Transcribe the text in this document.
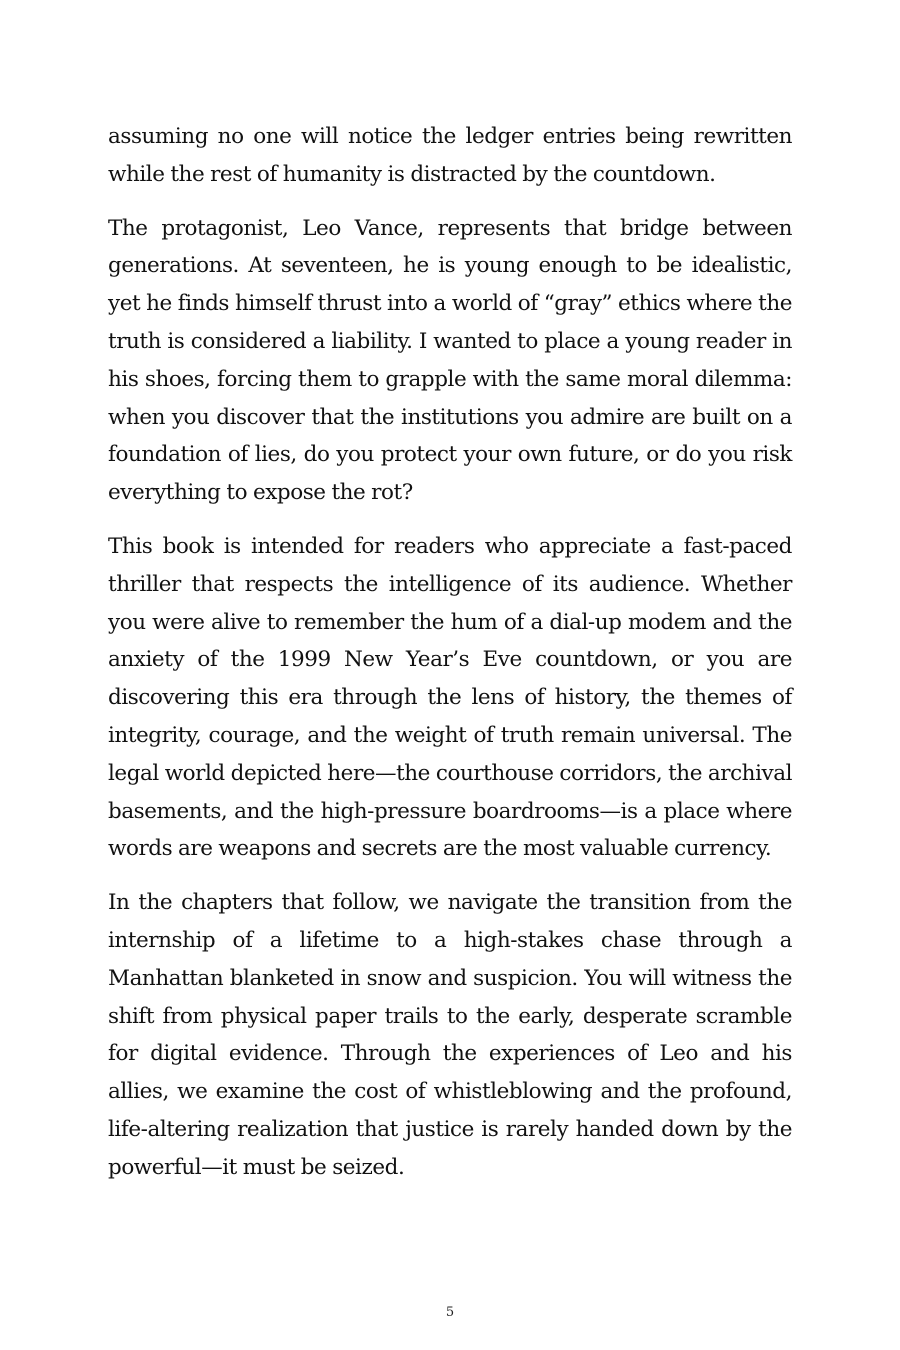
assuming no one will notice the ledger entries being rewritten while the rest of humanity is distracted by the countdown.

The protagonist, Leo Vance, represents that bridge between generations. At seventeen, he is young enough to be idealistic, yet he finds himself thrust into a world of “gray” ethics where the truth is considered a liability. I wanted to place a young reader in his shoes, forcing them to grapple with the same moral dilemma: when you discover that the institutions you admire are built on a foundation of lies, do you protect your own future, or do you risk everything to expose the rot?

This book is intended for readers who appreciate a fast-paced thriller that respects the intelligence of its audience. Whether you were alive to remember the hum of a dial-up modem and the anxiety of the 1999 New Year’s Eve countdown, or you are discovering this era through the lens of history, the themes of integrity, courage, and the weight of truth remain universal. The legal world depicted here—the courthouse corridors, the archival basements, and the high-pressure boardrooms—is a place where words are weapons and secrets are the most valuable currency.

In the chapters that follow, we navigate the transition from the internship of a lifetime to a high-stakes chase through a Manhattan blanketed in snow and suspicion. You will witness the shift from physical paper trails to the early, desperate scramble for digital evidence. Through the experiences of Leo and his allies, we examine the cost of whistleblowing and the profound, life-altering realization that justice is rarely handed down by the powerful—it must be seized.

5
